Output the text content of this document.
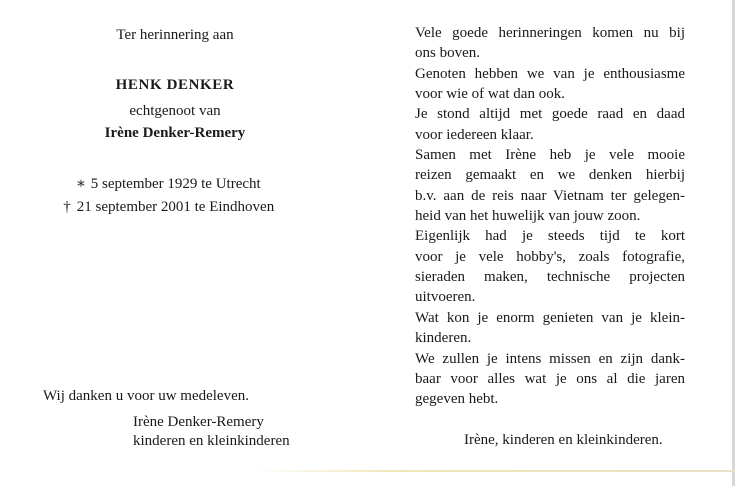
Ter herinnering aan
HENK DENKER
echtgenoot van
Irène Denker-Remery
∗ 5 september 1929 te Utrecht
† 21 september 2001 te Eindhoven
Wij danken u voor uw medeleven.
Irène Denker-Remery
kinderen en kleinkinderen
Vele goede herinneringen komen nu bij
ons boven.
Genoten hebben we van je enthousiasme
voor wie of wat dan ook.
Je stond altijd met goede raad en daad
voor iedereen klaar.
Samen met Irène heb je vele mooie
reizen gemaakt en we denken hierbij
b.v. aan de reis naar Vietnam ter gelegen-
heid van het huwelijk van jouw zoon.
Eigenlijk had je steeds tijd te kort
voor je vele hobby's, zoals fotografie,
sieraden maken, technische projecten
uitvoeren.
Wat kon je enorm genieten van je klein-
kinderen.
We zullen je intens missen en zijn dank-
baar voor alles wat je ons al die jaren
gegeven hebt.
Irène, kinderen en kleinkinderen.
